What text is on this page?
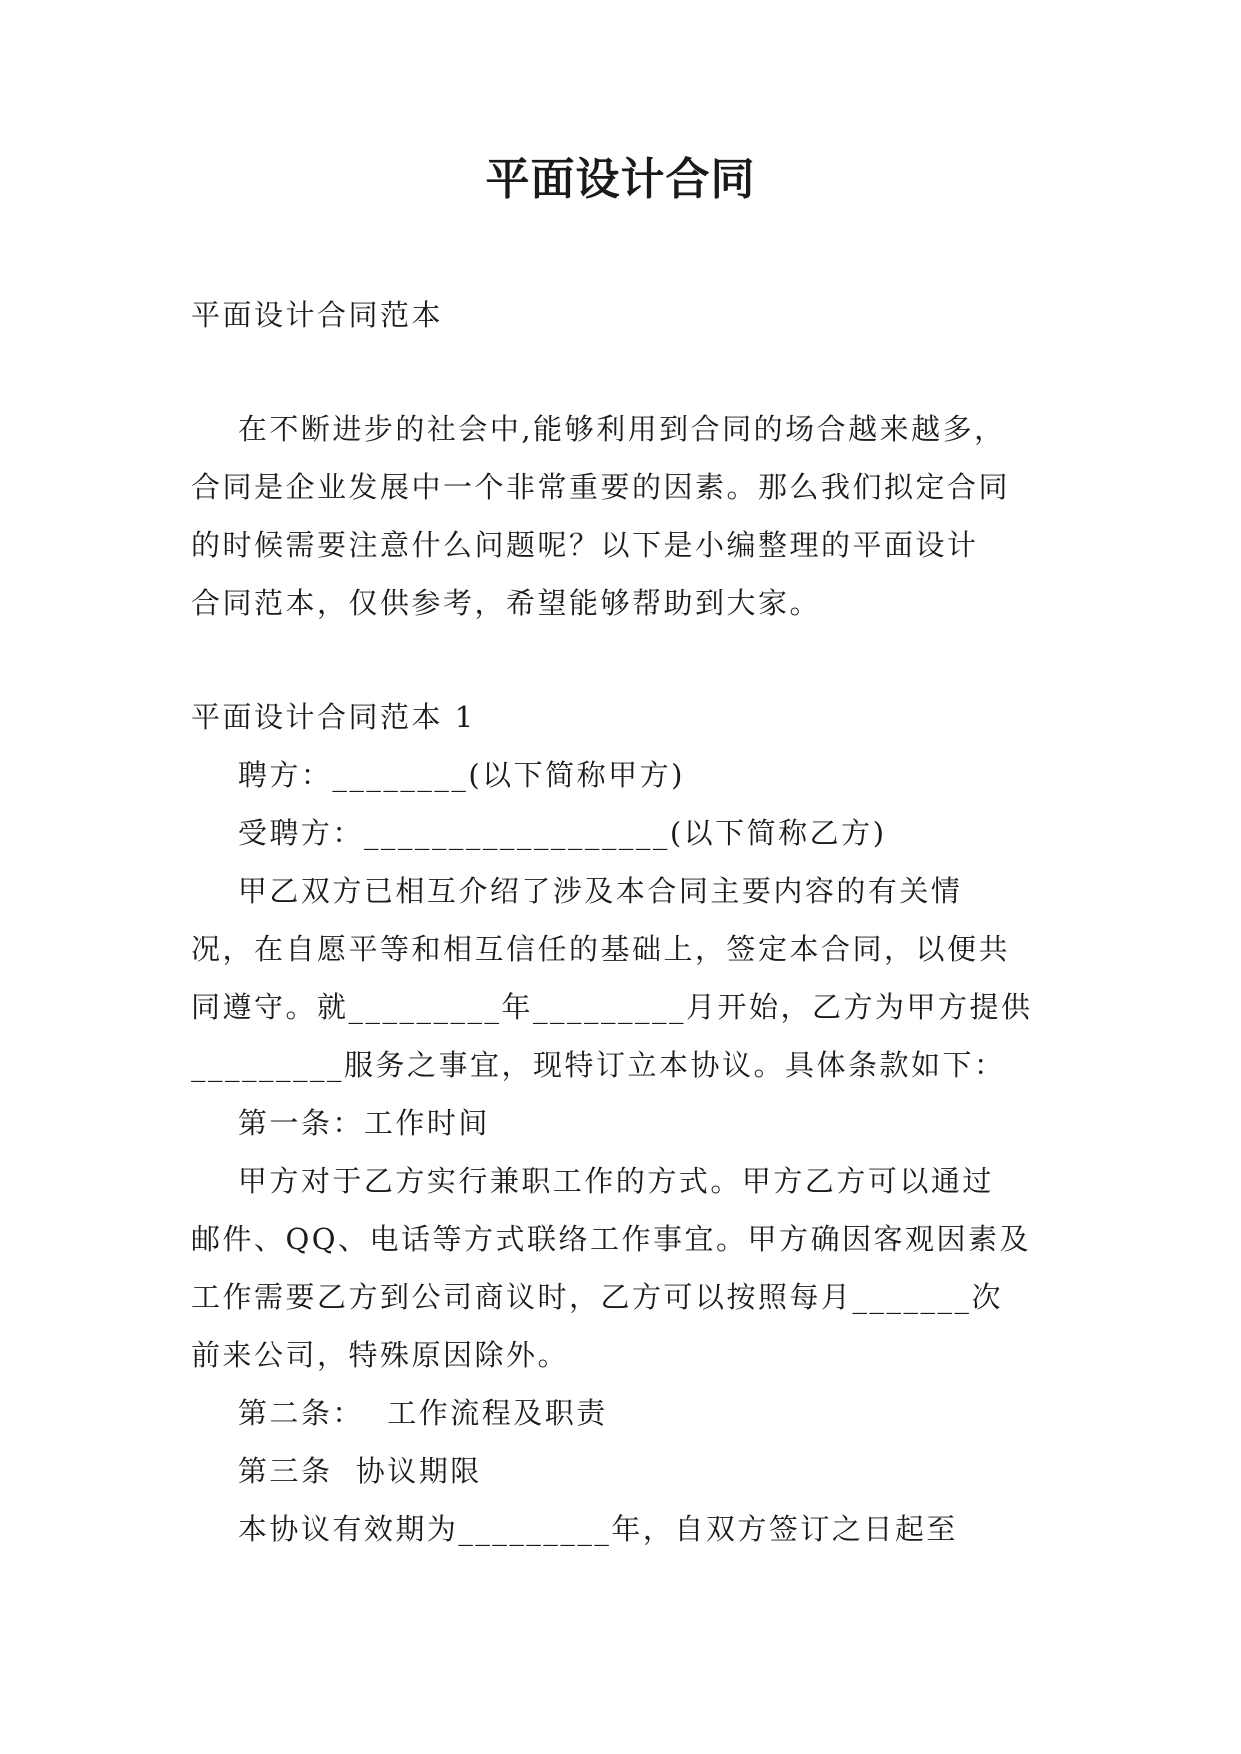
平面设计合同
平面设计合同范本
在不断进步的社会中,能够利用到合同的场合越来越多，
合同是企业发展中一个非常重要的因素。那么我们拟定合同
的时候需要注意什么问题呢？以下是小编整理的平面设计
合同范本，仅供参考，希望能够帮助到大家。
平面设计合同范本 1
聘方：________(以下简称甲方)
受聘方：__________________(以下简称乙方)
甲乙双方已相互介绍了涉及本合同主要内容的有关情
况，在自愿平等和相互信任的基础上，签定本合同，以便共
同遵守。就_________年_________月开始，乙方为甲方提供
_________服务之事宜，现特订立本协议。具体条款如下：
第一条：工作时间
甲方对于乙方实行兼职工作的方式。甲方乙方可以通过
邮件、QQ、电话等方式联络工作事宜。甲方确因客观因素及
工作需要乙方到公司商议时，乙方可以按照每月_______次
前来公司，特殊原因除外。
第二条：  工作流程及职责
第三条  协议期限
本协议有效期为_________年，自双方签订之日起至
